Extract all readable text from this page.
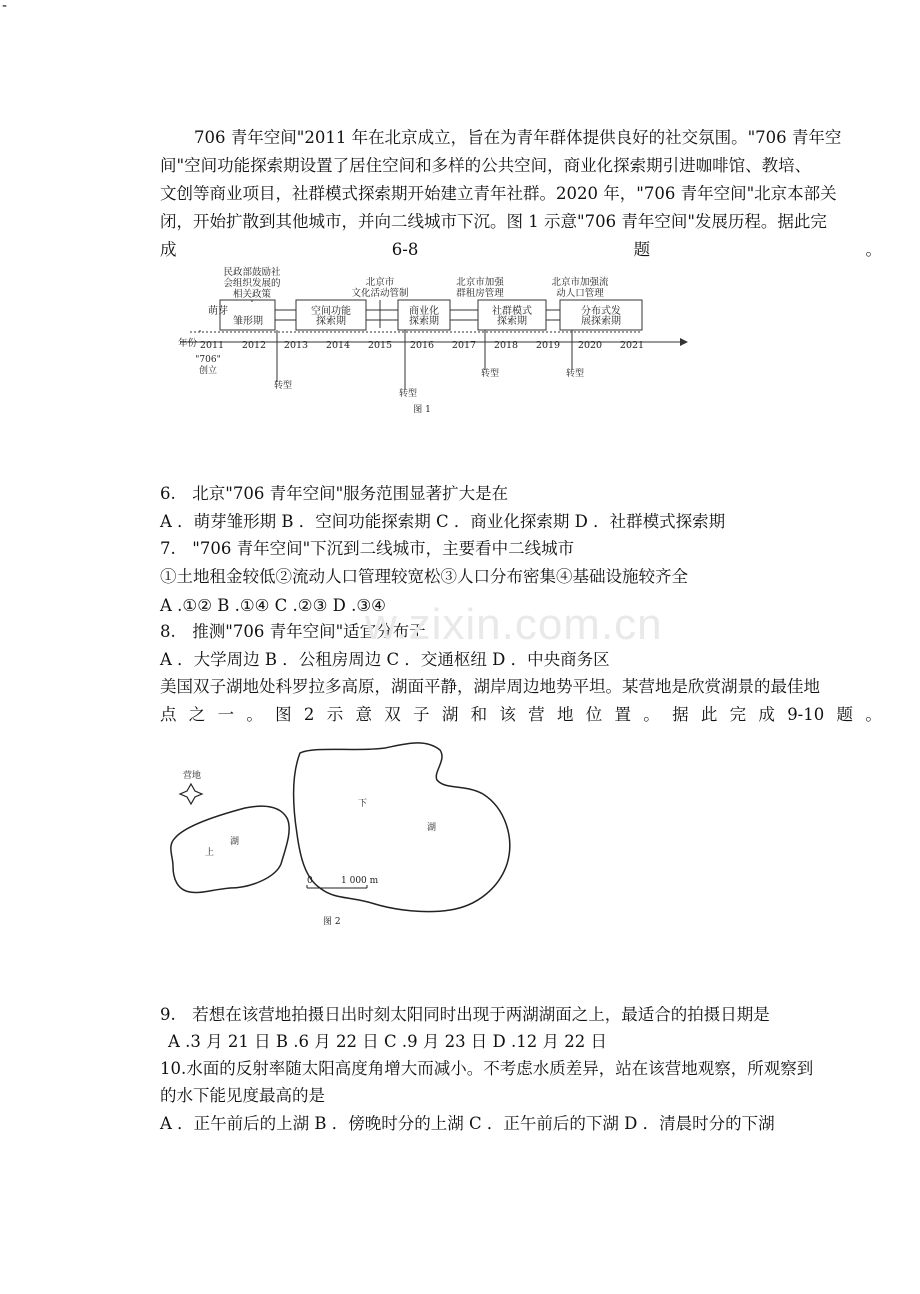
-
706 青年空间"2011 年在北京成立，旨在为青年群体提供良好的社交氛围。"706 青年空
间"空间功能探索期设置了居住空间和多样的公共空间，商业化探索期引进咖啡馆、教培、
文创等商业项目，社群模式探索期开始建立青年社群。2020 年，"706 青年空间"北京本部关
闭，开始扩散到其他城市，并向二线城市下沉。图 1 示意"706 青年空间"发展历程。据此完
成	6-8	题	。
民政部鼓励社
会组织发展的
相关政策
北京市
文化活动管制
北京市加强
群租房管理
北京市加强流
动人口管理
萌芽
雏形期
空间功能
探索期
商业化
探索期
社群模式
探索期
分布式发
展探索期
2011 2012 2013 2014 2015 2016 2017 2018 2019 2020 2021
年份
"706"
创立
转型
转型
转型	转型
图 1
6.　北京"706 青年空间"服务范围显著扩大是在
A ．萌芽雏形期 B ．空间功能探索期 C ．商业化探索期 D ．社群模式探索期
7.　"706 青年空间"下沉到二线城市，主要看中二线城市
①土地租金较低②流动人口管理较宽松③人口分布密集④基础设施较齐全
A .①② B .①④ C .②③ D .③④
8.　推测"706 青年空间"适宜分布于
A ．大学周边 B ．公租房周边 C ．交通枢纽 D ．中央商务区
w.zixin.com.cn
美国双子湖地处科罗拉多高原，湖面平静，湖岸周边地势平坦。某营地是欣赏湖景的最佳地
点 之 一 。 图 2 示 意 双 子 湖 和 该 营 地 位 置 。 据 此 完 成 9-10 题 。
营地
湖
上
下
湖
0	1 000 m
图 2
9.　若想在该营地拍摄日出时刻太阳同时出现于两湖湖面之上，最适合的拍摄日期是
A .3 月 21 日 B .6 月 22 日 C .9 月 23 日 D .12 月 22 日
10.水面的反射率随太阳高度角增大而减小。不考虑水质差异，站在该营地观察，所观察到
的水下能见度最高的是
A ．正午前后的上湖 B ．傍晚时分的上湖 C ．正午前后的下湖 D ．清晨时分的下湖
